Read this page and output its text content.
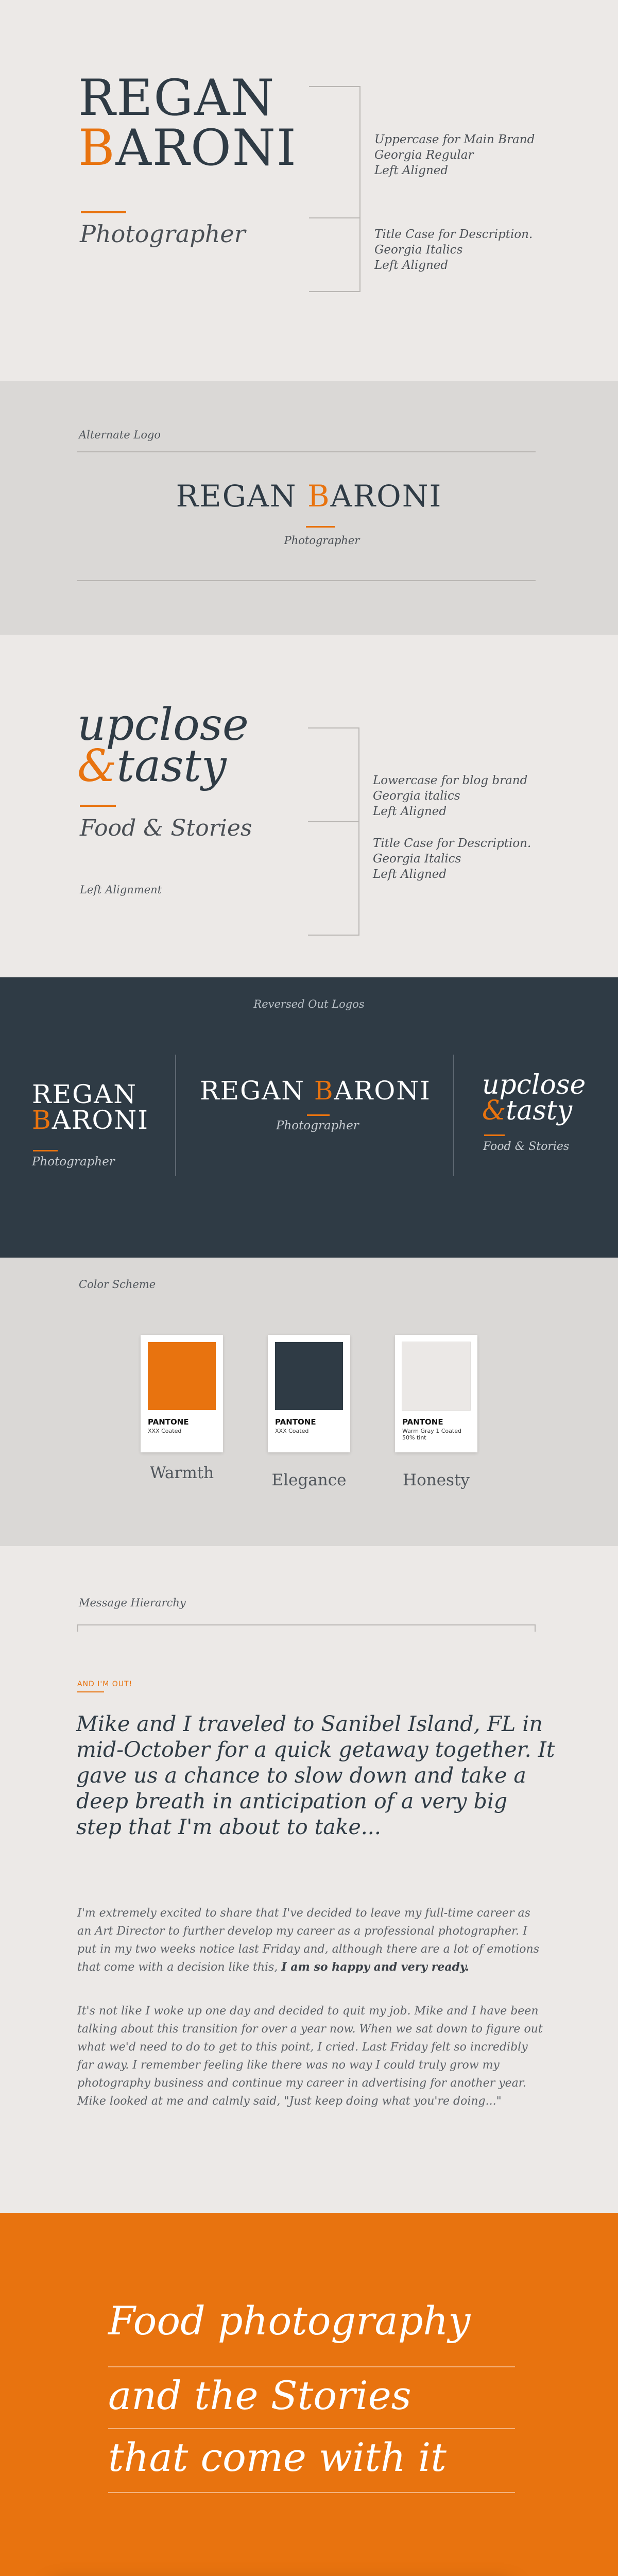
REGAN
BARONI
Photographer
Uppercase for Main Brand
Georgia Regular
Left Aligned
Title Case for Description.
Georgia Italics
Left Aligned
Alternate Logo
REGAN BARONI
Photographer
upclose
&tasty
Food & Stories
Left Alignment
Lowercase for blog brand
Georgia italics
Left Aligned
Title Case for Description.
Georgia Italics
Left Aligned
Reversed Out Logos
REGAN
BARONI
Photographer
REGAN BARONI
Photographer
upclose
&tasty
Food & Stories
Color Scheme
PANTONE
XXX Coated
Warmth
PANTONE
XXX Coated
Elegance
PANTONE
Warm Gray 1 Coated 50% tint
Honesty
Message Hierarchy
AND I'M OUT!
Mike and I traveled to Sanibel Island, FL in mid-October for a quick getaway together. It gave us a chance to slow down and take a deep breath in anticipation of a very big step that I'm about to take...
I'm extremely excited to share that I've decided to leave my full-time career as an Art Director to further develop my career as a professional photographer. I put in my two weeks notice last Friday and, although there are a lot of emotions that come with a decision like this, I am so happy and very ready.
It's not like I woke up one day and decided to quit my job. Mike and I have been talking about this transition for over a year now. When we sat down to figure out what we'd need to do to get to this point, I cried. Last Friday felt so incredibly far away. I remember feeling like there was no way I could truly grow my photography business and continue my career in advertising for another year. Mike looked at me and calmly said, "Just keep doing what you're doing..."
Food photography
and the Stories
that come with it
